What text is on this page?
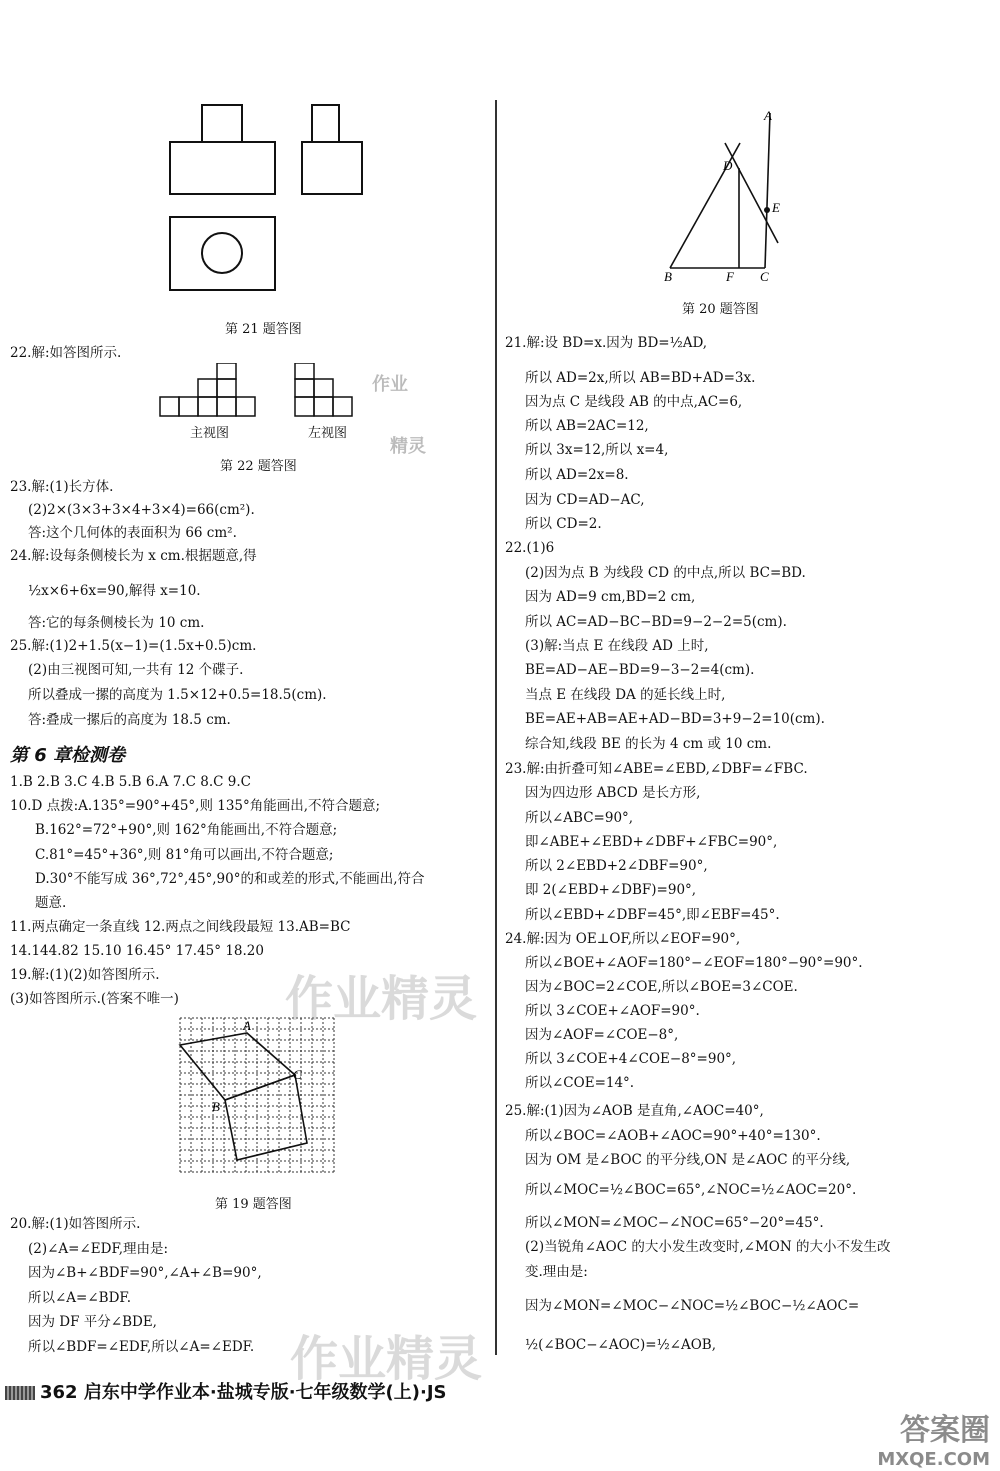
第 21 题答图
22.解:如答图所示.
主视图	左视图
第 22 题答图
23.解:(1)长方体.
(2)2×(3×3+3×4+3×4)=66(cm²).
答:这个几何体的表面积为 66 cm².
24.解:设每条侧棱长为 x cm.根据题意,得
½x×6+6x=90,解得 x=10.
答:它的每条侧棱长为 10 cm.
25.解:(1)2+1.5(x−1)=(1.5x+0.5)cm.
(2)由三视图可知,一共有 12 个碟子.
所以叠成一摞的高度为 1.5×12+0.5=18.5(cm).
答:叠成一摞后的高度为 18.5 cm.
第 6 章检测卷
1.B 2.B 3.C 4.B 5.B 6.A 7.C 8.C 9.C
10.D 点拨:A.135°=90°+45°,则 135°角能画出,不符合题意;
B.162°=72°+90°,则 162°角能画出,不符合题意;
C.81°=45°+36°,则 81°角可以画出,不符合题意;
D.30°不能写成 36°,72°,45°,90°的和或差的形式,不能画出,符合
题意.
11.两点确定一条直线 12.两点之间线段最短 13.AB=BC
14.144.82 15.10 16.45° 17.45° 18.20
19.解:(1)(2)如答图所示.
(3)如答图所示.(答案不唯一)
A
C
B
第 19 题答图
20.解:(1)如答图所示.
(2)∠A=∠EDF,理由是:
因为∠B+∠BDF=90°,∠A+∠B=90°,
所以∠A=∠BDF.
因为 DF 平分∠BDE,
所以∠BDF=∠EDF,所以∠A=∠EDF.
A
D
E
B	F C
第 20 题答图
21.解:设 BD=x.因为 BD=½AD,
所以 AD=2x,所以 AB=BD+AD=3x.
因为点 C 是线段 AB 的中点,AC=6,
所以 AB=2AC=12,
所以 3x=12,所以 x=4,
所以 AD=2x=8.
因为 CD=AD−AC,
所以 CD=2.
22.(1)6
(2)因为点 B 为线段 CD 的中点,所以 BC=BD.
因为 AD=9 cm,BD=2 cm,
所以 AC=AD−BC−BD=9−2−2=5(cm).
(3)解:当点 E 在线段 AD 上时,
BE=AD−AE−BD=9−3−2=4(cm).
当点 E 在线段 DA 的延长线上时,
BE=AE+AB=AE+AD−BD=3+9−2=10(cm).
综合知,线段 BE 的长为 4 cm 或 10 cm.
23.解:由折叠可知∠ABE=∠EBD,∠DBF=∠FBC.
因为四边形 ABCD 是长方形,
所以∠ABC=90°,
即∠ABE+∠EBD+∠DBF+∠FBC=90°,
所以 2∠EBD+2∠DBF=90°,
即 2(∠EBD+∠DBF)=90°,
所以∠EBD+∠DBF=45°,即∠EBF=45°.
24.解:因为 OE⊥OF,所以∠EOF=90°,
所以∠BOE+∠AOF=180°−∠EOF=180°−90°=90°.
因为∠BOC=2∠COE,所以∠BOE=3∠COE.
所以 3∠COE+∠AOF=90°.
因为∠AOF=∠COE−8°,
所以 3∠COE+4∠COE−8°=90°,
所以∠COE=14°.
25.解:(1)因为∠AOB 是直角,∠AOC=40°,
所以∠BOC=∠AOB+∠AOC=90°+40°=130°.
因为 OM 是∠BOC 的平分线,ON 是∠AOC 的平分线,
所以∠MOC=½∠BOC=65°,∠NOC=½∠AOC=20°.
所以∠MON=∠MOC−∠NOC=65°−20°=45°.
(2)当锐角∠AOC 的大小发生改变时,∠MON 的大小不发生改
变.理由是:
因为∠MON=∠MOC−∠NOC=½∠BOC−½∠AOC=
½(∠BOC−∠AOC)=½∠AOB,
作业
精灵
作业精灵
作业精灵
362 启东中学作业本·盐城专版·七年级数学(上)·JS
答案圈
MXQE.COM
